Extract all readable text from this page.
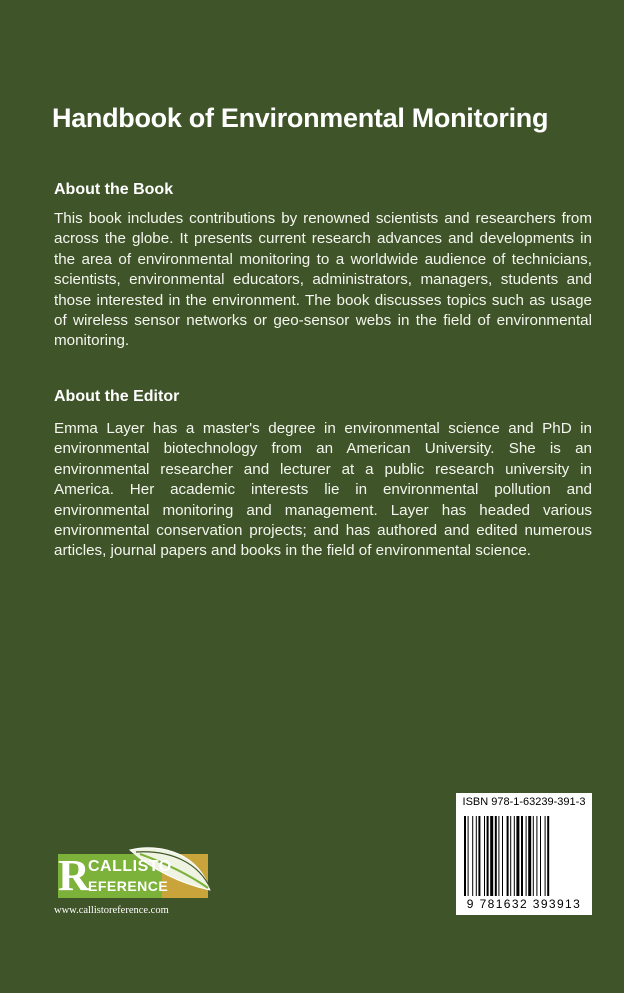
Handbook of Environmental Monitoring
About the Book

This book includes contributions by renowned scientists and researchers from across the globe. It presents current research advances and developments in the area of environmental monitoring to a worldwide audience of technicians, scientists, environmental educators, administrators, managers, students and those interested in the environment. The book discusses topics such as usage of wireless sensor networks or geo-sensor webs in the field of environmental monitoring.

About the Editor

Emma Layer has a master's degree in environmental science and PhD in environmental biotechnology from an American University. She is an environmental researcher and lecturer at a public research university in America. Her academic interests lie in environmental pollution and environmental monitoring and management. Layer has headed various environmental conservation projects; and has authored and edited numerous articles, journal papers and books in the field of environmental science.

ISBN 978-1-63239-391-3
9 781632 393913
R
CALLISTO
EFERENCE
www.callistoreference.com
